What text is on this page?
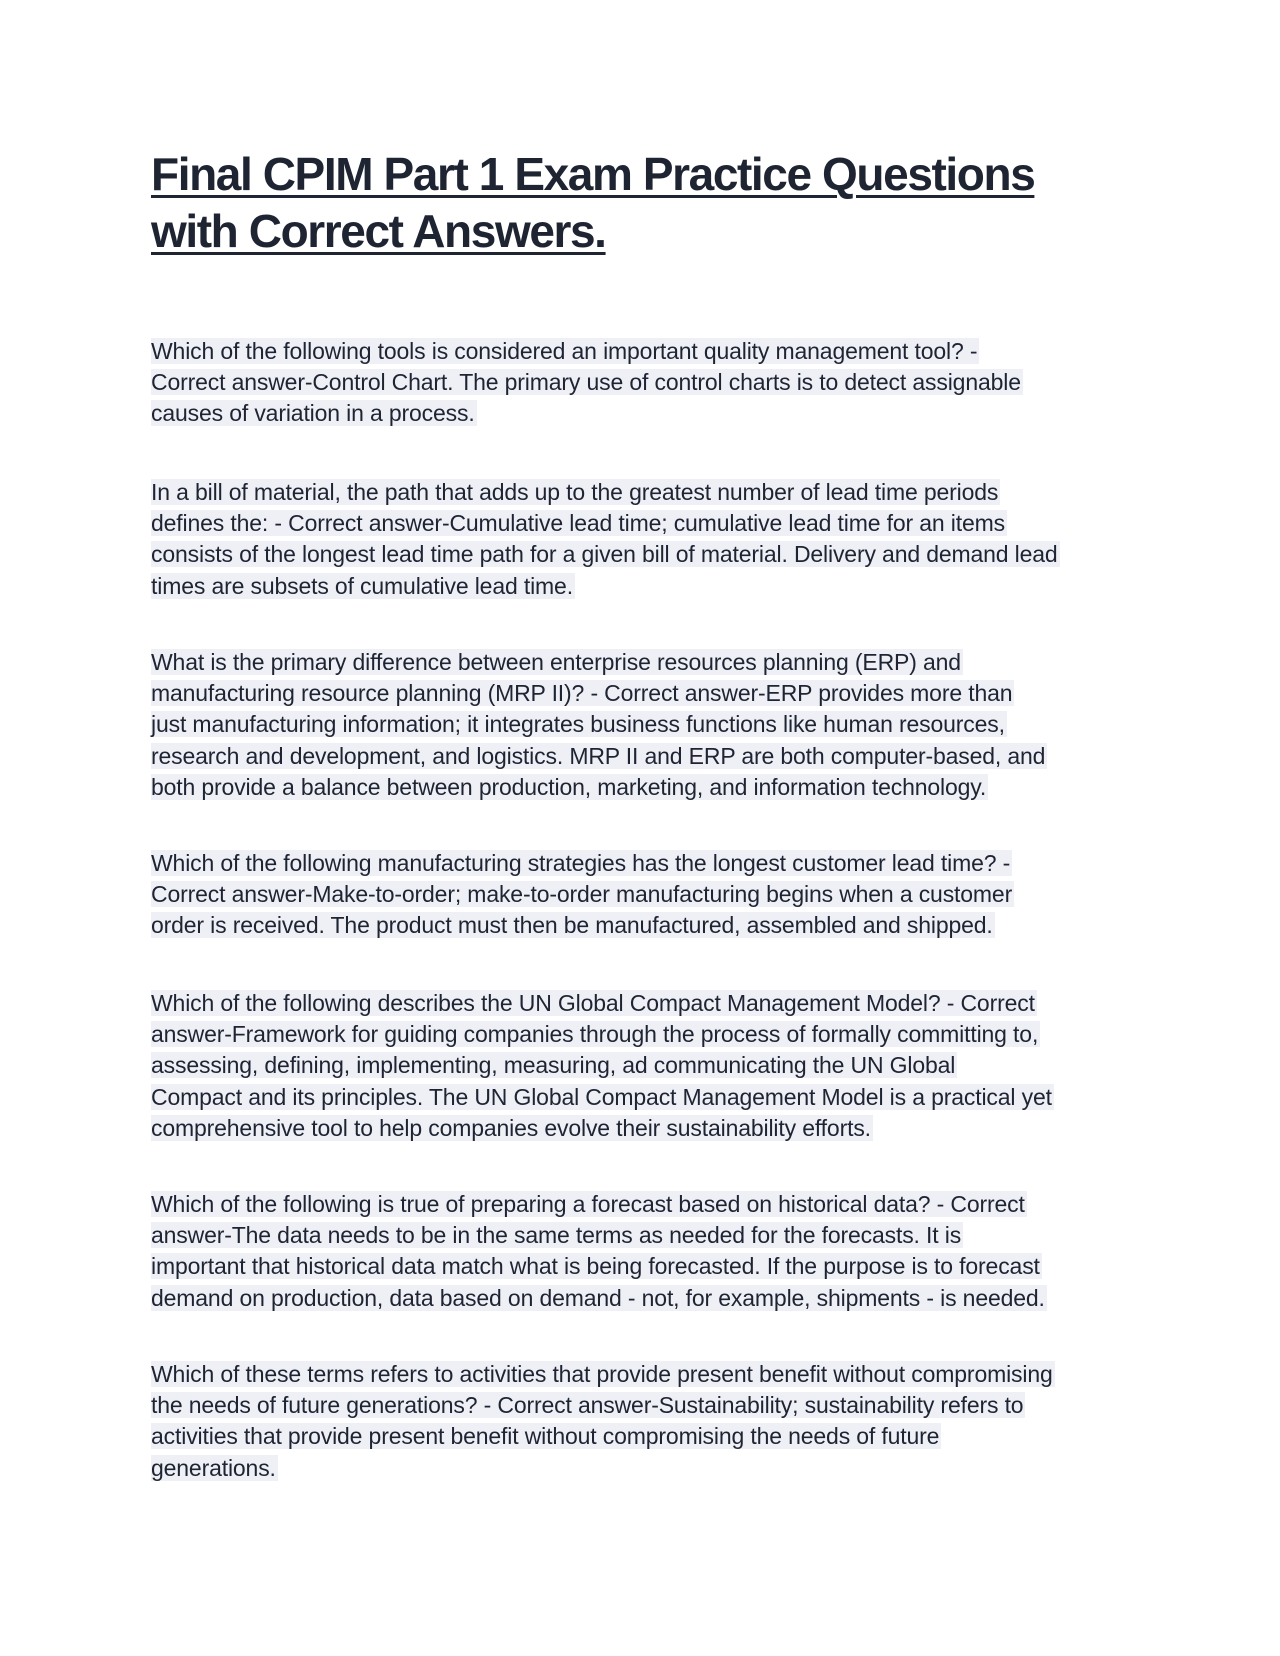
Final CPIM Part 1 Exam Practice Questions
with Correct Answers.

Which of the following tools is considered an important quality management tool? -
Correct answer-Control Chart. The primary use of control charts is to detect assignable
causes of variation in a process.

In a bill of material, the path that adds up to the greatest number of lead time periods
defines the: - Correct answer-Cumulative lead time; cumulative lead time for an items
consists of the longest lead time path for a given bill of material. Delivery and demand lead
times are subsets of cumulative lead time.

What is the primary difference between enterprise resources planning (ERP) and
manufacturing resource planning (MRP II)? - Correct answer-ERP provides more than
just manufacturing information; it integrates business functions like human resources,
research and development, and logistics. MRP II and ERP are both computer-based, and
both provide a balance between production, marketing, and information technology.

Which of the following manufacturing strategies has the longest customer lead time? -
Correct answer-Make-to-order; make-to-order manufacturing begins when a customer
order is received. The product must then be manufactured, assembled and shipped.

Which of the following describes the UN Global Compact Management Model? - Correct
answer-Framework for guiding companies through the process of formally committing to,
assessing, defining, implementing, measuring, ad communicating the UN Global
Compact and its principles. The UN Global Compact Management Model is a practical yet
comprehensive tool to help companies evolve their sustainability efforts.

Which of the following is true of preparing a forecast based on historical data? - Correct
answer-The data needs to be in the same terms as needed for the forecasts. It is
important that historical data match what is being forecasted. If the purpose is to forecast
demand on production, data based on demand - not, for example, shipments - is needed.

Which of these terms refers to activities that provide present benefit without compromising
the needs of future generations? - Correct answer-Sustainability; sustainability refers to
activities that provide present benefit without compromising the needs of future
generations.
